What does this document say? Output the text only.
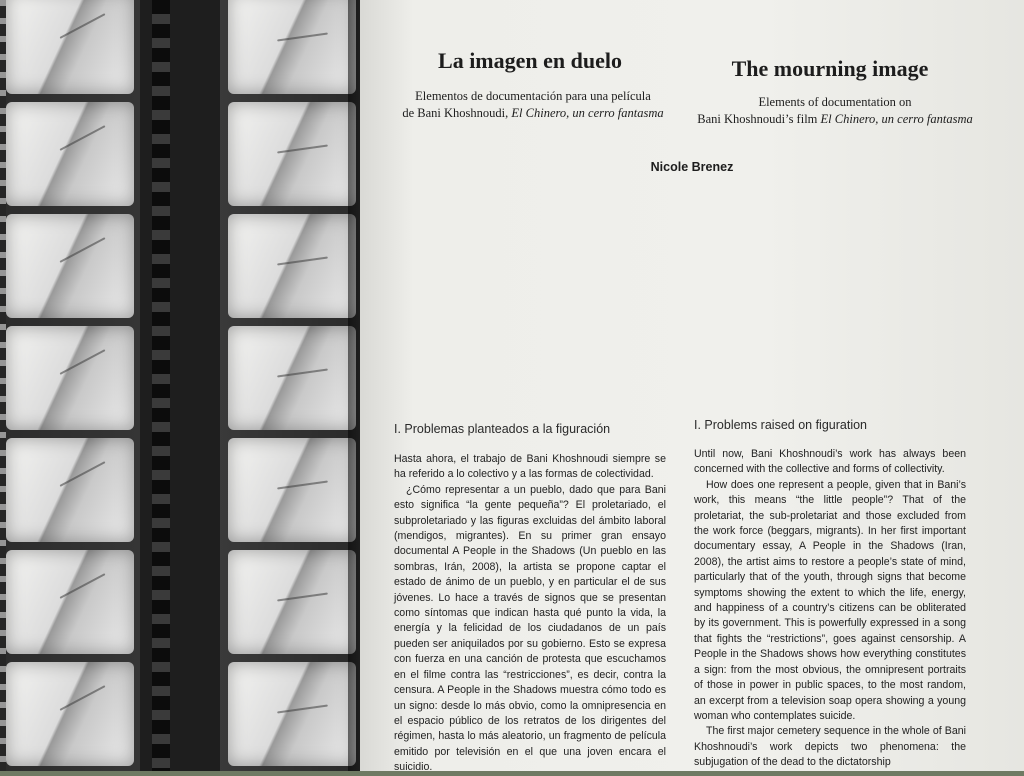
La imagen en duelo	The mourning image
Elementos de documentación para una película
de Bani Khoshnoudi, El Chinero, un cerro fantasma
Elements of documentation on
Bani Khoshnoudi’s film El Chinero, un cerro fantasma
Nicole Brenez
I. Problemas planteados a la figuración	I. Problems raised on figuration

Hasta ahora, el trabajo de Bani Khoshnoudi siempre se ha referido a lo colectivo y a las formas de colectividad.

¿Cómo representar a un pueblo, dado que para Bani esto significa “la gente pequeña”? El proletariado, el subproletariado y las figuras excluidas del ámbito laboral (mendigos, migrantes). En su primer gran ensayo documental A People in the Shadows (Un pueblo en las sombras, Irán, 2008), la artista se propone captar el estado de ánimo de un pueblo, y en particular el de sus jóvenes. Lo hace a través de signos que se presentan como síntomas que indican hasta qué punto la vida, la energía y la felicidad de los ciudadanos de un país pueden ser aniquilados por su gobierno. Esto se expresa con fuerza en una canción de protesta que escuchamos en el filme contra las “restricciones”, es decir, contra la censura. A People in the Shadows muestra cómo todo es un signo: desde lo más obvio, como la omnipresencia en el espacio público de los retratos de los dirigentes del régimen, hasta lo más aleatorio, un fragmento de película emitido por televisión en el que una joven encara el suicidio.

Until now, Bani Khoshnoudi’s work has always been concerned with the collective and forms of collectivity.

How does one represent a people, given that in Bani’s work, this means “the little people”? That of the proletariat, the sub-proletariat and those excluded from the work force (beggars, migrants). In her first important documentary essay, A People in the Shadows (Iran, 2008), the artist aims to restore a people’s state of mind, particularly that of the youth, through signs that become symptoms showing the extent to which the life, energy, and happiness of a country’s citizens can be obliterated by its government. This is powerfully expressed in a song that fights the “restrictions”, goes against censorship. A People in the Shadows shows how everything constitutes a sign: from the most obvious, the omnipresent portraits of those in power in public spaces, to the most random, an excerpt from a television soap opera showing a young woman who contemplates suicide.

The first major cemetery sequence in the whole of Bani Khoshnoudi’s work depicts two phenomena: the subjugation of the dead to the dictatorship
